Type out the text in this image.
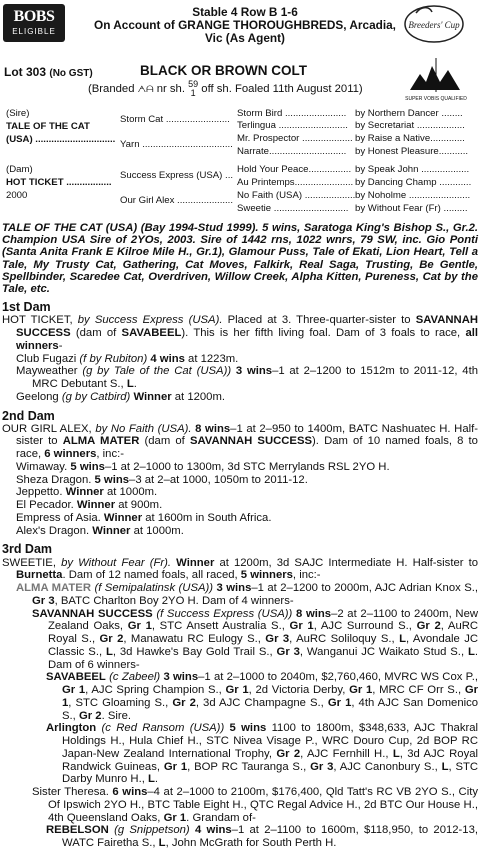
BOBS
ELIGIBLE
Stable 4 Row B 1-6
On Account of GRANGE THOROUGHBREDS, Arcadia,
Vic (As Agent)
Breeders' Cup
Lot 303 (No GST)	BLACK OR BROWN COLT
(Branded ᗅᗩ nr sh. 59
1 off sh. Foaled 11th August 2011)
SUPER VOBIS QUALIFIED
(Sire)
TALE OF THE CAT
(USA) ..............................
(Dam)
HOT TICKET .................
2000
Storm Cat ........................
Yarn ..................................
Success Express (USA) ...
Our Girl Alex .....................
Storm Bird .......................
Terlingua ..........................
Mr. Prospector ...................
Narrate.............................
Hold Your Peace................
Au Printemps......................
No Faith (USA) ...................
Sweetie ............................
by Northern Dancer ........
by Secretariat ..................
by Raise a Native.............
by Honest Pleasure...........
by Speak John ..................
by Dancing Champ ............
by Noholme .......................
by Without Fear (Fr) .........

TALE OF THE CAT (USA) (Bay 1994-Stud 1999). 5 wins, Saratoga King's Bishop S., Gr.2. Champion USA Sire of 2YOs, 2003. Sire of 1442 rns, 1022 wnrs, 79 SW, inc. Gio Ponti (Santa Anita Frank E Kilroe Mile H., Gr.1), Glamour Puss, Tale of Ekati, Lion Heart, Tell a Tale, My Trusty Cat, Gathering, Cat Moves, Falkirk, Real Saga, Trusting, Be Gentle, Spellbinder, Scaredee Cat, Overdriven, Willow Creek, Alpha Kitten, Pureness, Cat by the Tale, etc.

1st Dam

HOT TICKET, by Success Express (USA). Placed at 3. Three-quarter-sister to SAVANNAH SUCCESS (dam of SAVABEEL). This is her fifth living foal. Dam of 3 foals to race, all winners-

Club Fugazi (f by Rubiton) 4 wins at 1223m.

Mayweather (g by Tale of the Cat (USA)) 3 wins–1 at 2–1200 to 1512m to 2011-12, 4th MRC Debutant S., L.

Geelong (g by Catbird) Winner at 1200m.

2nd Dam

OUR GIRL ALEX, by No Faith (USA). 8 wins–1 at 2–950 to 1400m, BATC Nashuatec H. Half-sister to ALMA MATER (dam of SAVANNAH SUCCESS). Dam of 10 named foals, 8 to race, 6 winners, inc:-

Wimaway. 5 wins–1 at 2–1000 to 1300m, 3d STC Merrylands RSL 2YO H.

Sheza Dragon. 5 wins–3 at 2–at 1000, 1050m to 2011-12.

Jeppetto. Winner at 1000m.

El Pecador. Winner at 900m.

Empress of Asia. Winner at 1600m in South Africa.

Alex's Dragon. Winner at 1000m.

3rd Dam

SWEETIE, by Without Fear (Fr). Winner at 1200m, 3d SAJC Intermediate H. Half-sister to Burnetta. Dam of 12 named foals, all raced, 5 winners, inc:-

ALMA MATER (f Semipalatinsk (USA)) 3 wins–1 at 2–1200 to 2000m, AJC Adrian Knox S., Gr 3, BATC Charlton Boy 2YO H. Dam of 4 winners-

SAVANNAH SUCCESS (f Success Express (USA)) 8 wins–2 at 2–1100 to 2400m, New Zealand Oaks, Gr 1, STC Ansett Australia S., Gr 1, AJC Surround S., Gr 2, AuRC Royal S., Gr 2, Manawatu RC Eulogy S., Gr 3, AuRC Soliloquy S., L, Avondale JC Classic S., L, 3d Hawke's Bay Gold Trail S., Gr 3, Wanganui JC Waikato Stud S., L. Dam of 6 winners-

SAVABEEL (c Zabeel) 3 wins–1 at 2–1000 to 2040m, $2,760,460, MVRC WS Cox P., Gr 1, AJC Spring Champion S., Gr 1, 2d Victoria Derby, Gr 1, MRC CF Orr S., Gr 1, STC Gloaming S., Gr 2, 3d AJC Champagne S., Gr 1, 4th AJC San Domenico S., Gr 2. Sire.

Arlington (c Red Ransom (USA)) 5 wins 1100 to 1800m, $348,633, AJC Thakral Holdings H., Hula Chief H., STC Nivea Visage P., WRC Douro Cup, 2d BOP RC Japan-New Zealand International Trophy, Gr 2, AJC Fernhill H., L, 3d AJC Royal Randwick Guineas, Gr 1, BOP RC Tauranga S., Gr 3, AJC Canonbury S., L, STC Darby Munro H., L.

Sister Theresa. 6 wins–4 at 2–1000 to 2100m, $176,400, Qld Tatt's RC VB 2YO S., City Of Ipswich 2YO H., BTC Table Eight H., QTC Regal Advice H., 2d BTC Our House H., 4th Queensland Oaks, Gr 1. Grandam of-

REBELSON (g Snippetson) 4 wins–1 at 2–1100 to 1600m, $118,950, to 2012-13, WATC Fairetha S., L, John McGrath for South Perth H.
